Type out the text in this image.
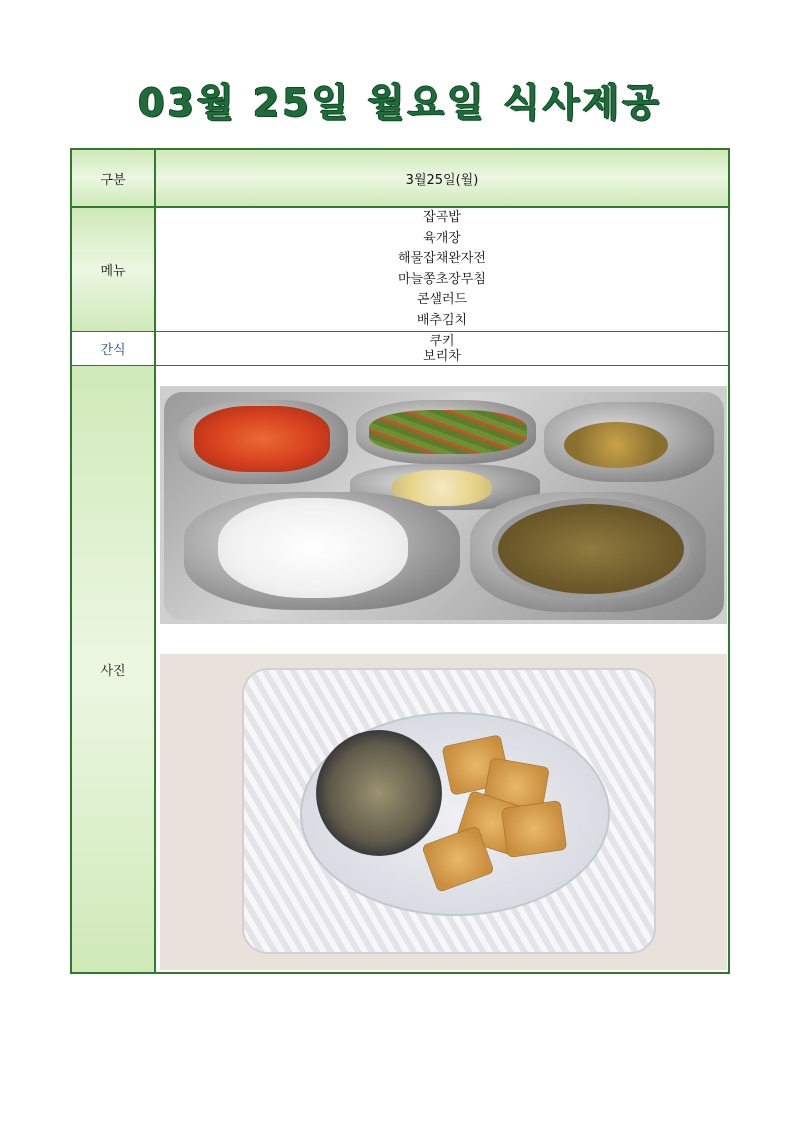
03월 25일 월요일 식사제공
구분	3월25일(월)
메뉴
잡곡밥
육개장
해물잡채완자전
마늘쫑초장무침
콘샐러드
배추김치
간식
쿠키
보리차
사진
